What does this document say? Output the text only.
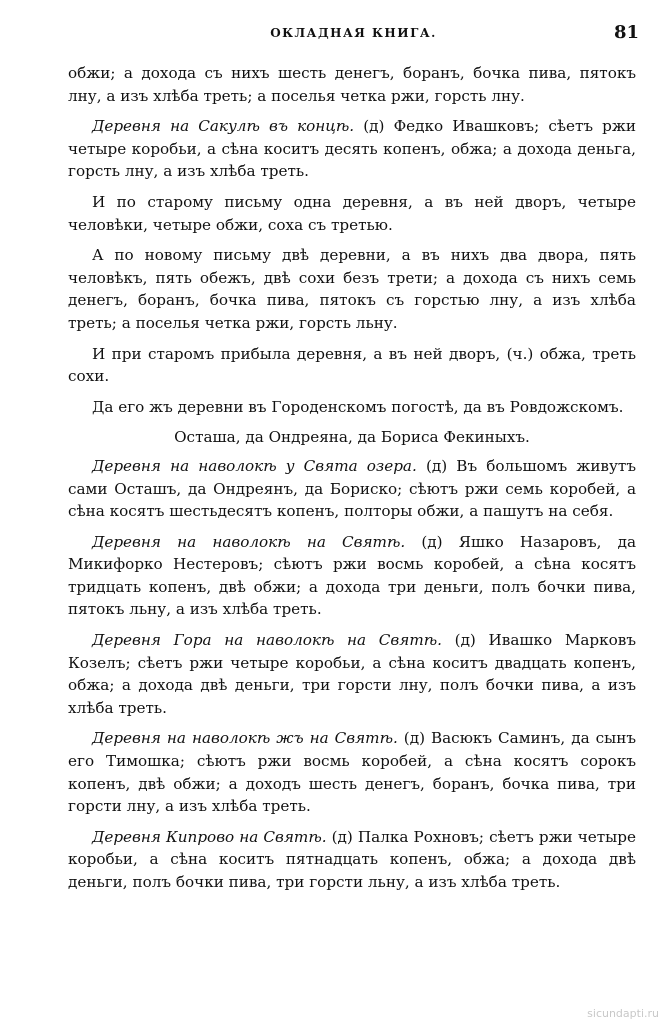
ОКЛАДНАЯ КНИГА.	81

обжи; а дохода съ нихъ шесть денегъ, боранъ, бочка пива, пятокъ лну, а изъ хлѣба треть; а поселья четка ржи, горсть лну.

Деревня на Сакулѣ въ концѣ. (д) Федко Ивашковъ; сѣетъ ржи четыре коробьи, а сѣна коситъ десять копенъ, обжа; а дохода деньга, горсть лну, а изъ хлѣба треть.

И по старому письму одна деревня, а въ ней дворъ, четыре человѣки, четыре обжи, соха съ третью.

А по новому письму двѣ деревни, а въ нихъ два двора, пять человѣкъ, пять обежъ, двѣ сохи безъ трети; а дохода съ нихъ семь денегъ, боранъ, бочка пива, пятокъ съ горстью лну, а изъ хлѣба треть; а поселья четка ржи, горсть льну.

И при старомъ прибыла деревня, а въ ней дворъ, (ч.) обжа, треть сохи.

Да его жъ деревни въ Городенскомъ погостѣ, да въ Ровдожскомъ.

Осташа, да Ондреяна, да Бориса Фекиныхъ.

Деревня на наволокѣ у Свята озера. (д) Въ большомъ живутъ сами Осташъ, да Ондреянъ, да Бориско; сѣютъ ржи семь коробей, а сѣна косятъ шестьдесятъ копенъ, полторы обжи, а пашутъ на себя.

Деревня на наволокѣ на Святѣ. (д) Яшко Назаровъ, да Микифорко Нестеровъ; сѣютъ ржи восмь коробей, а сѣна косятъ тридцать копенъ, двѣ обжи; а дохода три деньги, полъ бочки пива, пятокъ льну, а изъ хлѣба треть.

Деревня Гора на наволокѣ на Святѣ. (д) Ивашко Марковъ Козелъ; сѣетъ ржи четыре коробьи, а сѣна коситъ двадцать копенъ, обжа; а дохода двѣ деньги, три горсти лну, полъ бочки пива, а изъ хлѣба треть.

Деревня на наволокѣ жъ на Святѣ. (д) Васюкъ Саминъ, да сынъ его Тимошка; сѣютъ ржи восмь коробей, а сѣна косятъ сорокъ копенъ, двѣ обжи; а доходъ шесть денегъ, боранъ, бочка пива, три горсти лну, а изъ хлѣба треть.

Деревня Кипрово на Святѣ. (д) Палка Рохновъ; сѣетъ ржи четыре коробьи, а сѣна коситъ пятнадцать копенъ, обжа; а дохода двѣ деньги, полъ бочки пива, три горсти льну, а изъ хлѣба треть.

sicundapti.ru
